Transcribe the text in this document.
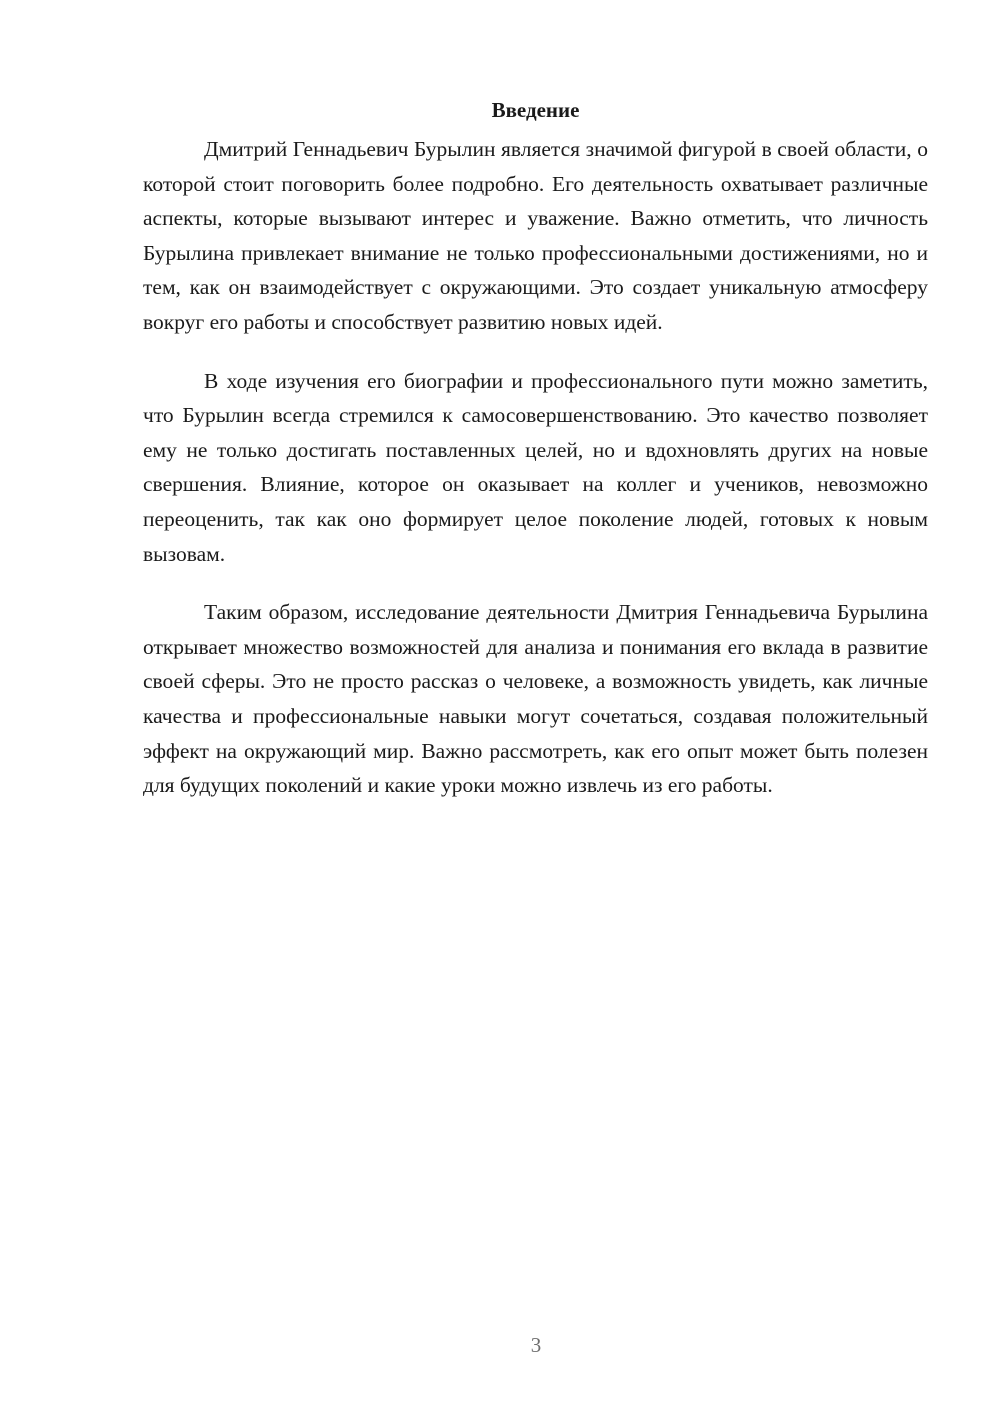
Введение

Дмитрий Геннадьевич Бурылин является значимой фигурой в своей области, о которой стоит поговорить более подробно. Его деятельность охватывает различные аспекты, которые вызывают интерес и уважение. Важно отметить, что личность Бурылина привлекает внимание не только профессиональными достижениями, но и тем, как он взаимодействует с окружающими. Это создает уникальную атмосферу вокруг его работы и способствует развитию новых идей.

В ходе изучения его биографии и профессионального пути можно заметить, что Бурылин всегда стремился к самосовершенствованию. Это качество позволяет ему не только достигать поставленных целей, но и вдохновлять других на новые свершения. Влияние, которое он оказывает на коллег и учеников, невозможно переоценить, так как оно формирует целое поколение людей, готовых к новым вызовам.

Таким образом, исследование деятельности Дмитрия Геннадьевича Бурылина открывает множество возможностей для анализа и понимания его вклада в развитие своей сферы. Это не просто рассказ о человеке, а возможность увидеть, как личные качества и профессиональные навыки могут сочетаться, создавая положительный эффект на окружающий мир. Важно рассмотреть, как его опыт может быть полезен для будущих поколений и какие уроки можно извлечь из его работы.

3
